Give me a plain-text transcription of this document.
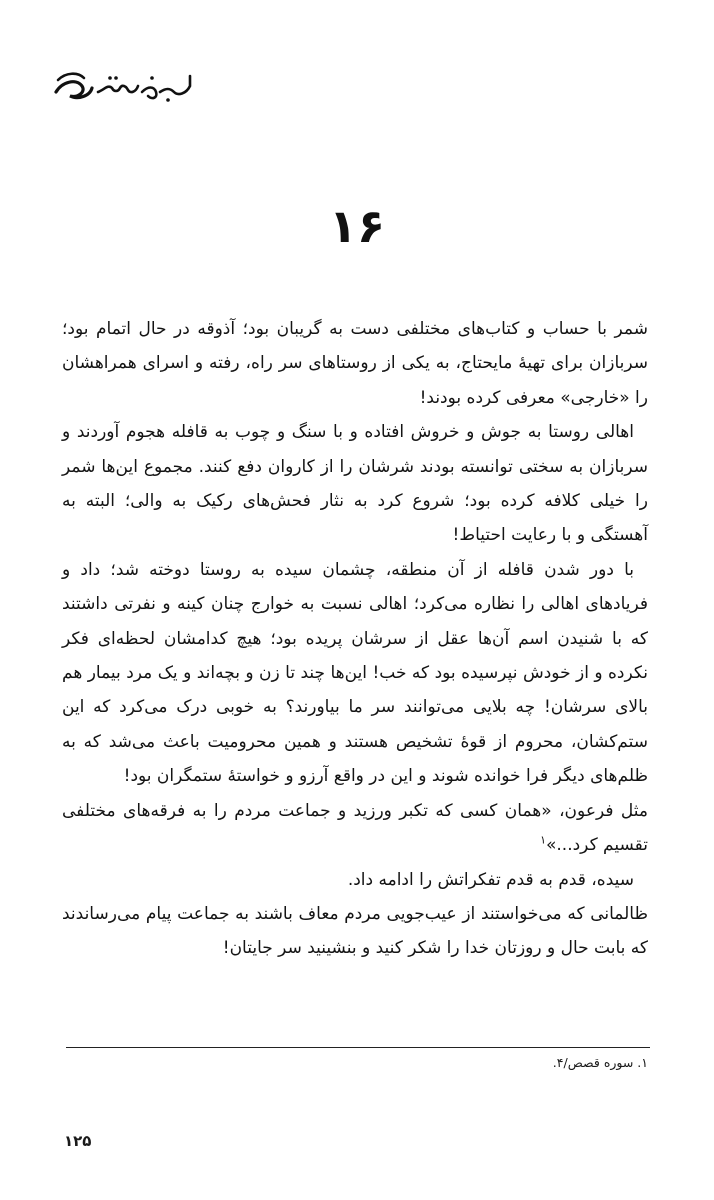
۱۶

شمر با حساب و کتاب‌های مختلفی دست به گریبان بود؛ آذوقه در حال اتمام بود؛ سربازان برای تهیهٔ مایحتاج، به یکی از روستاهای سر راه، رفته و اسرای همراهشان را «خارجی» معرفی کرده بودند!

اهالی روستا به جوش و خروش افتاده و با سنگ و چوب به قافله هجوم آوردند و سربازان به سختی توانسته بودند شرشان را از کاروان دفع کنند. مجموع این‌ها شمر را خیلی کلافه کرده بود؛ شروع کرد به نثار فحش‌های رکیک به والی؛ البته به آهستگی و با رعایت احتیاط!

با دور شدن قافله از آن منطقه، چشمان سیده به روستا دوخته شد؛ داد و فریادهای اهالی را نظاره می‌کرد؛ اهالی نسبت به خوارج چنان کینه و نفرتی داشتند که با شنیدن اسم آن‌ها عقل از سرشان پریده بود؛ هیچ کدامشان لحظه‌ای فکر نکرده و از خودش نپرسیده بود که خب! این‌ها چند تا زن و بچه‌اند و یک مرد بیمار هم بالای سرشان! چه بلایی می‌توانند سر ما بیاورند؟ به خوبی درک می‌کرد که این ستم‌کشان، محروم از قوهٔ تشخیص هستند و همین محرومیت باعث می‌شد که به ظلم‌های دیگر فرا خوانده شوند و این در واقع آرزو و خواستهٔ ستمگران بود!

مثل فرعون، «همان کسی که تکبر ورزید و جماعت مردم را به فرقه‌های مختلفی تقسیم کرد...»$^۱$

سیده، قدم به قدم تفکراتش را ادامه داد.

ظالمانی که می‌خواستند از عیب‌جویی مردم معاف باشند به جماعت پیام می‌رساندند که بابت حال و روزتان خدا را شکر کنید و بنشینید سر جایتان!

۱. سوره قصص/۴.
۱۲۵
